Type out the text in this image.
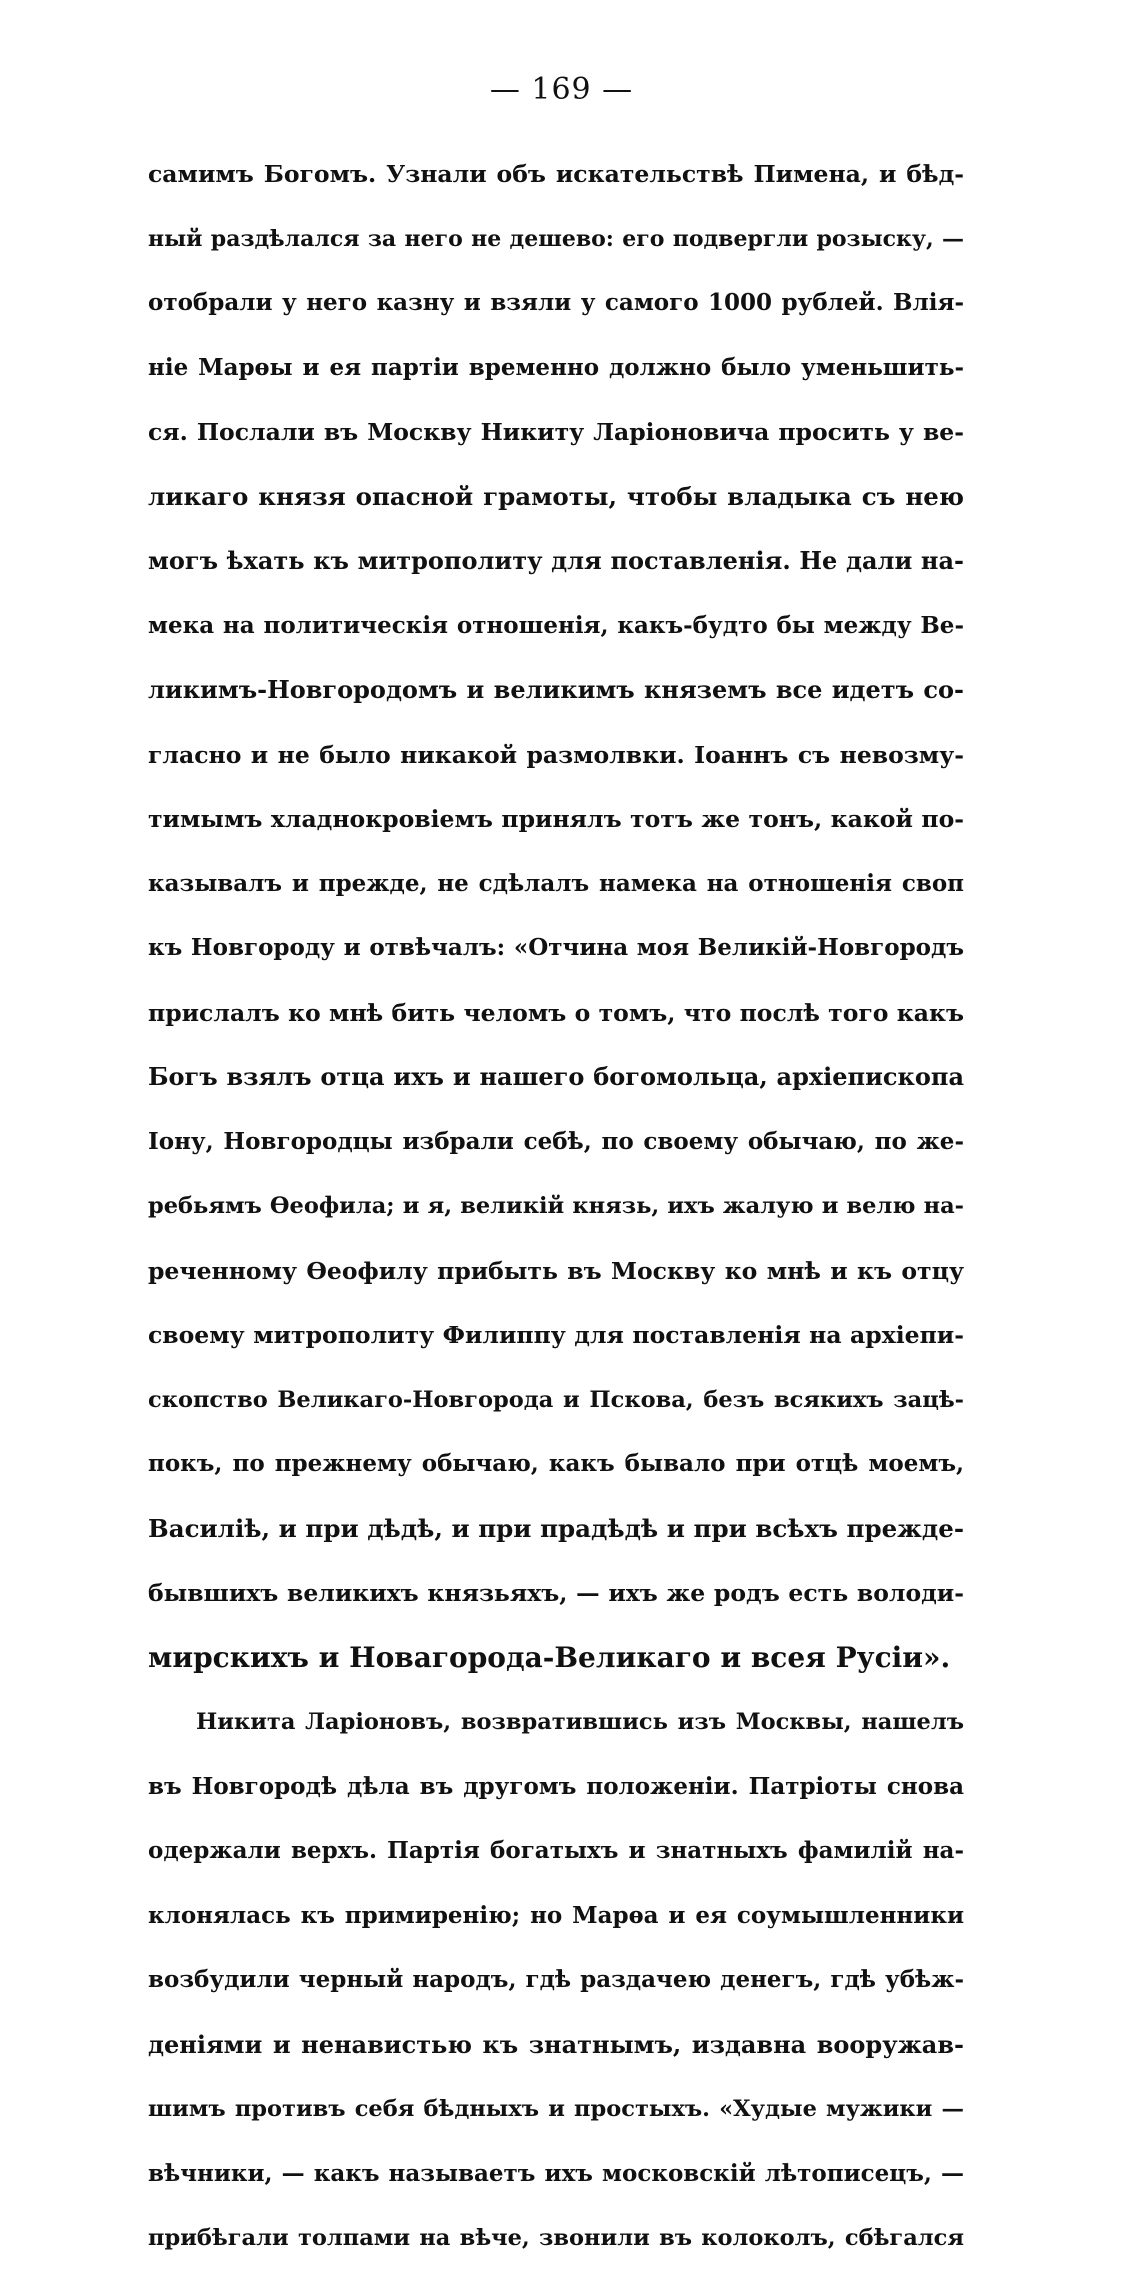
— 169 —
самимъ Богомъ. Узнали объ искательствѣ Пимена, и бѣд-
ный раздѣлался за него не дешево: его подвергли розыску, —
отобрали у него казну и взяли у самого 1000 рублей. Влія-
ніе Марѳы и ея партіи временно должно было уменьшить-
ся. Послали въ Москву Никиту Ларіоновича просить у ве-
ликаго князя опасной грамоты, чтобы владыка съ нею
могъ ѣхать къ митрополиту для поставленія. Не дали на-
мека на политическія отношенія, какъ-будто бы между Ве-
ликимъ-Новгородомъ и великимъ княземъ все идетъ со-
гласно и не было никакой размолвки. Іоаннъ съ невозму-
тимымъ хладнокровіемъ принялъ тотъ же тонъ, какой по-
казывалъ и прежде, не сдѣлалъ намека на отношенія своп
къ Новгороду и отвѣчалъ: «Отчина моя Великій-Новгородъ
прислалъ ко мнѣ бить челомъ о томъ, что послѣ того какъ
Богъ взялъ отца ихъ и нашего богомольца, архіепископа
Іону, Новгородцы избрали себѣ, по своему обычаю, по же-
ребьямъ Ѳеофила; и я, великій князь, ихъ жалую и велю на-
реченному Ѳеофилу прибыть въ Москву ко мнѣ и къ отцу
своему митрополиту Филиппу для поставленія на архіепи-
скопство Великаго-Новгорода и Пскова, безъ всякихъ зацѣ-
покъ, по прежнему обычаю, какъ бывало при отцѣ моемъ,
Василіѣ, и при дѣдѣ, и при прадѣдѣ и при всѣхъ прежде-
бывшихъ великихъ князьяхъ, — ихъ же родъ есть володи-
мирскихъ и Новагорода-Великаго и всея Русіи».
Никита Ларіоновъ, возвратившись изъ Москвы, нашелъ
въ Новгородѣ дѣла въ другомъ положеніи. Патріоты снова
одержали верхъ. Партія богатыхъ и знатныхъ фамилій на-
клонялась къ примиренію; но Марѳа и ея соумышленники
возбудили черный народъ, гдѣ раздачею денегъ, гдѣ убѣж-
деніями и ненавистью къ знатнымъ, издавна вооружав-
шимъ противъ себя бѣдныхъ и простыхъ. «Худые мужики —
вѣчники, — какъ называетъ ихъ московскій лѣтописецъ, —
прибѣгали толпами на вѣче, звонили въ колоколъ, сбѣгался
